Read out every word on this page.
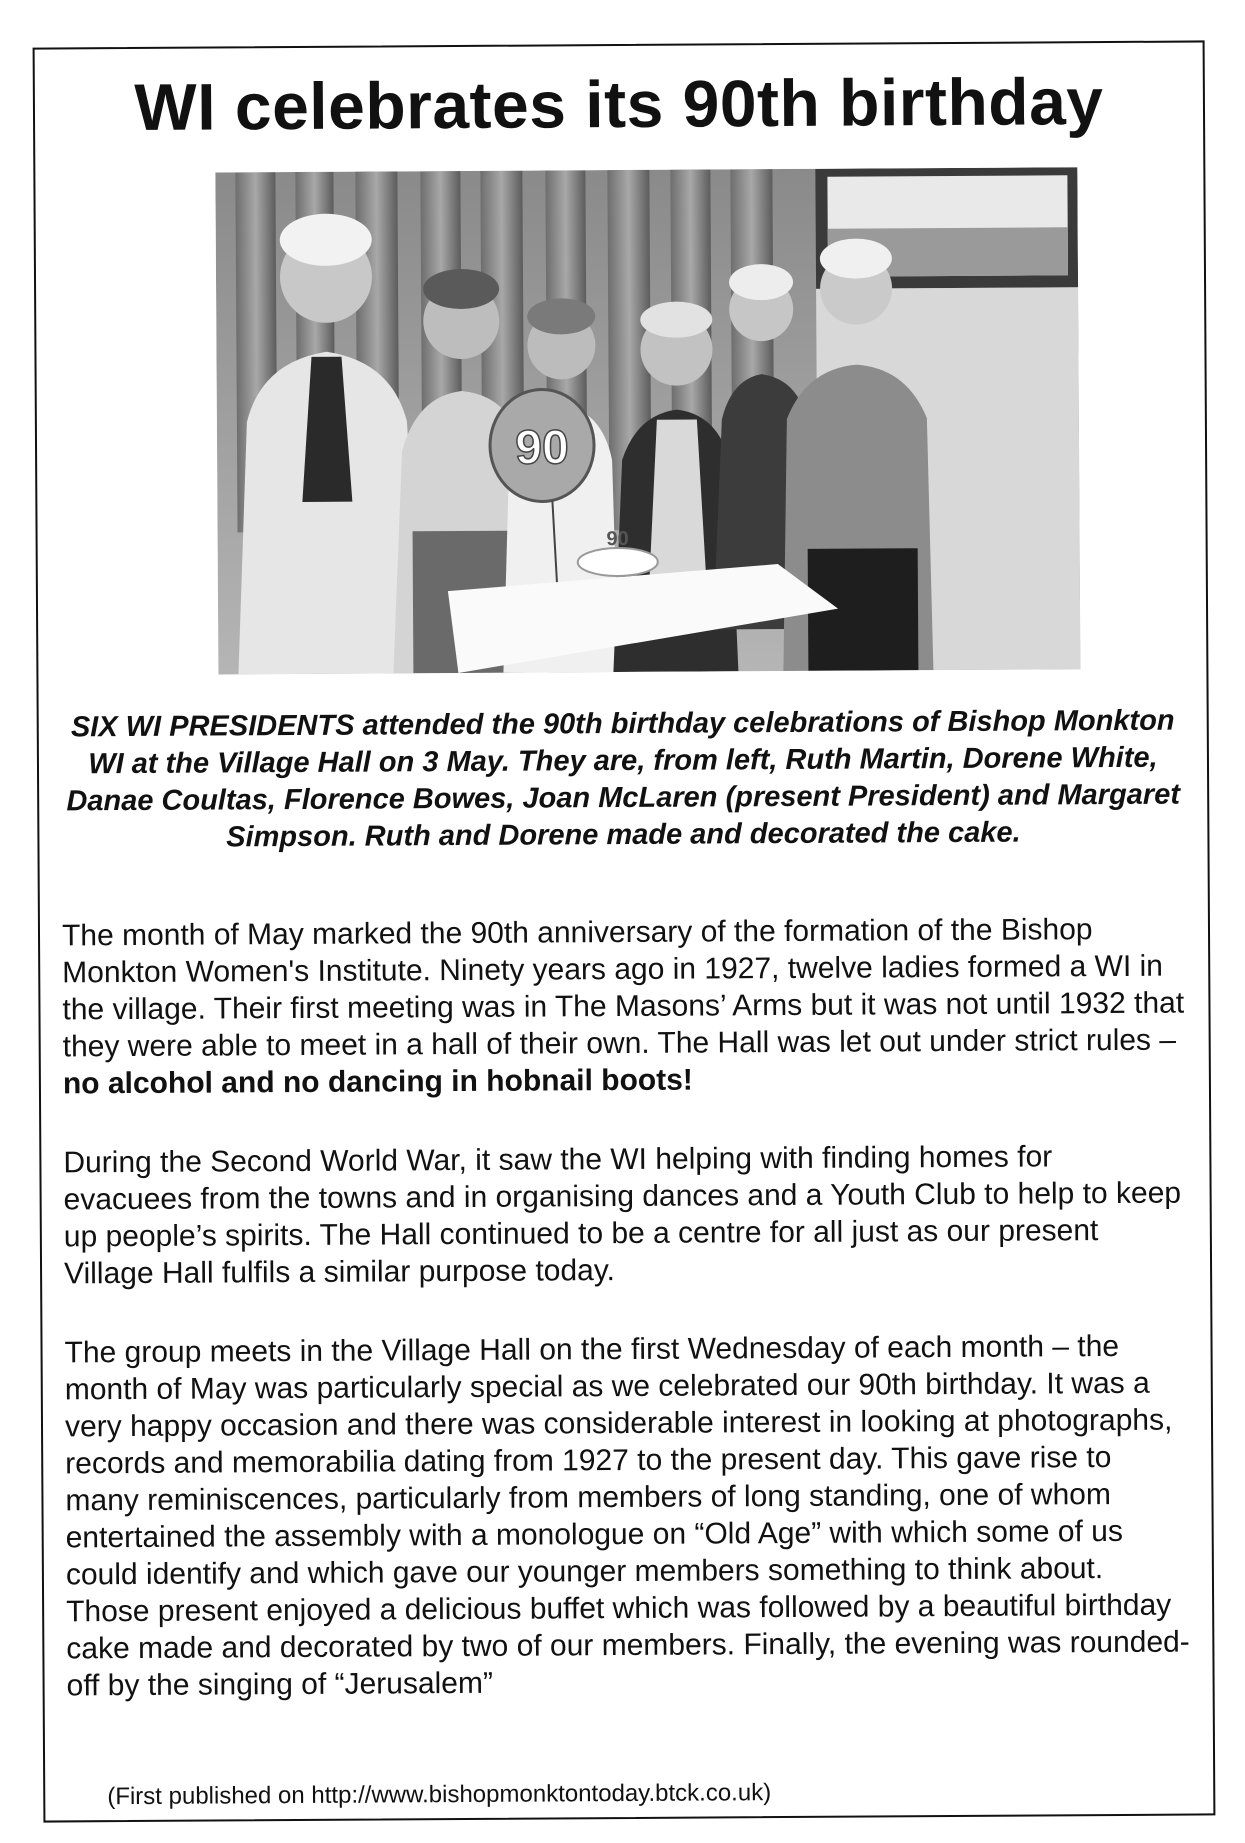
WI celebrates its 90th birthday
90
90

SIX WI PRESIDENTS attended the 90th birthday celebrations of Bishop Monkton WI at the Village Hall on 3 May. They are, from left, Ruth Martin, Dorene White, Danae Coultas, Florence Bowes, Joan McLaren (present President) and Margaret Simpson. Ruth and Dorene made and decorated the cake.

The month of May marked the 90th anniversary of the formation of the Bishop Monkton Women's Institute. Ninety years ago in 1927, twelve ladies formed a WI in the village. Their first meeting was in The Masons’ Arms but it was not until 1932 that they were able to meet in a hall of their own. The Hall was let out under strict rules – no alcohol and no dancing in hobnail boots!

During the Second World War, it saw the WI helping with finding homes for evacuees from the towns and in organising dances and a Youth Club to help to keep up people’s spirits. The Hall continued to be a centre for all just as our present Village Hall fulfils a similar purpose today.

The group meets in the Village Hall on the first Wednesday of each month – the month of May was particularly special as we celebrated our 90th birthday. It was a very happy occasion and there was considerable interest in looking at photographs, records and memorabilia dating from 1927 to the present day. This gave rise to many reminiscences, particularly from members of long standing, one of whom entertained the assembly with a monologue on “Old Age” with which some of us could identify and which gave our younger members something to think about. Those present enjoyed a delicious buffet which was followed by a beautiful birthday cake made and decorated by two of our members. Finally, the evening was rounded-off by the singing of “Jerusalem”

(First published on http://www.bishopmonktontoday.btck.co.uk)
